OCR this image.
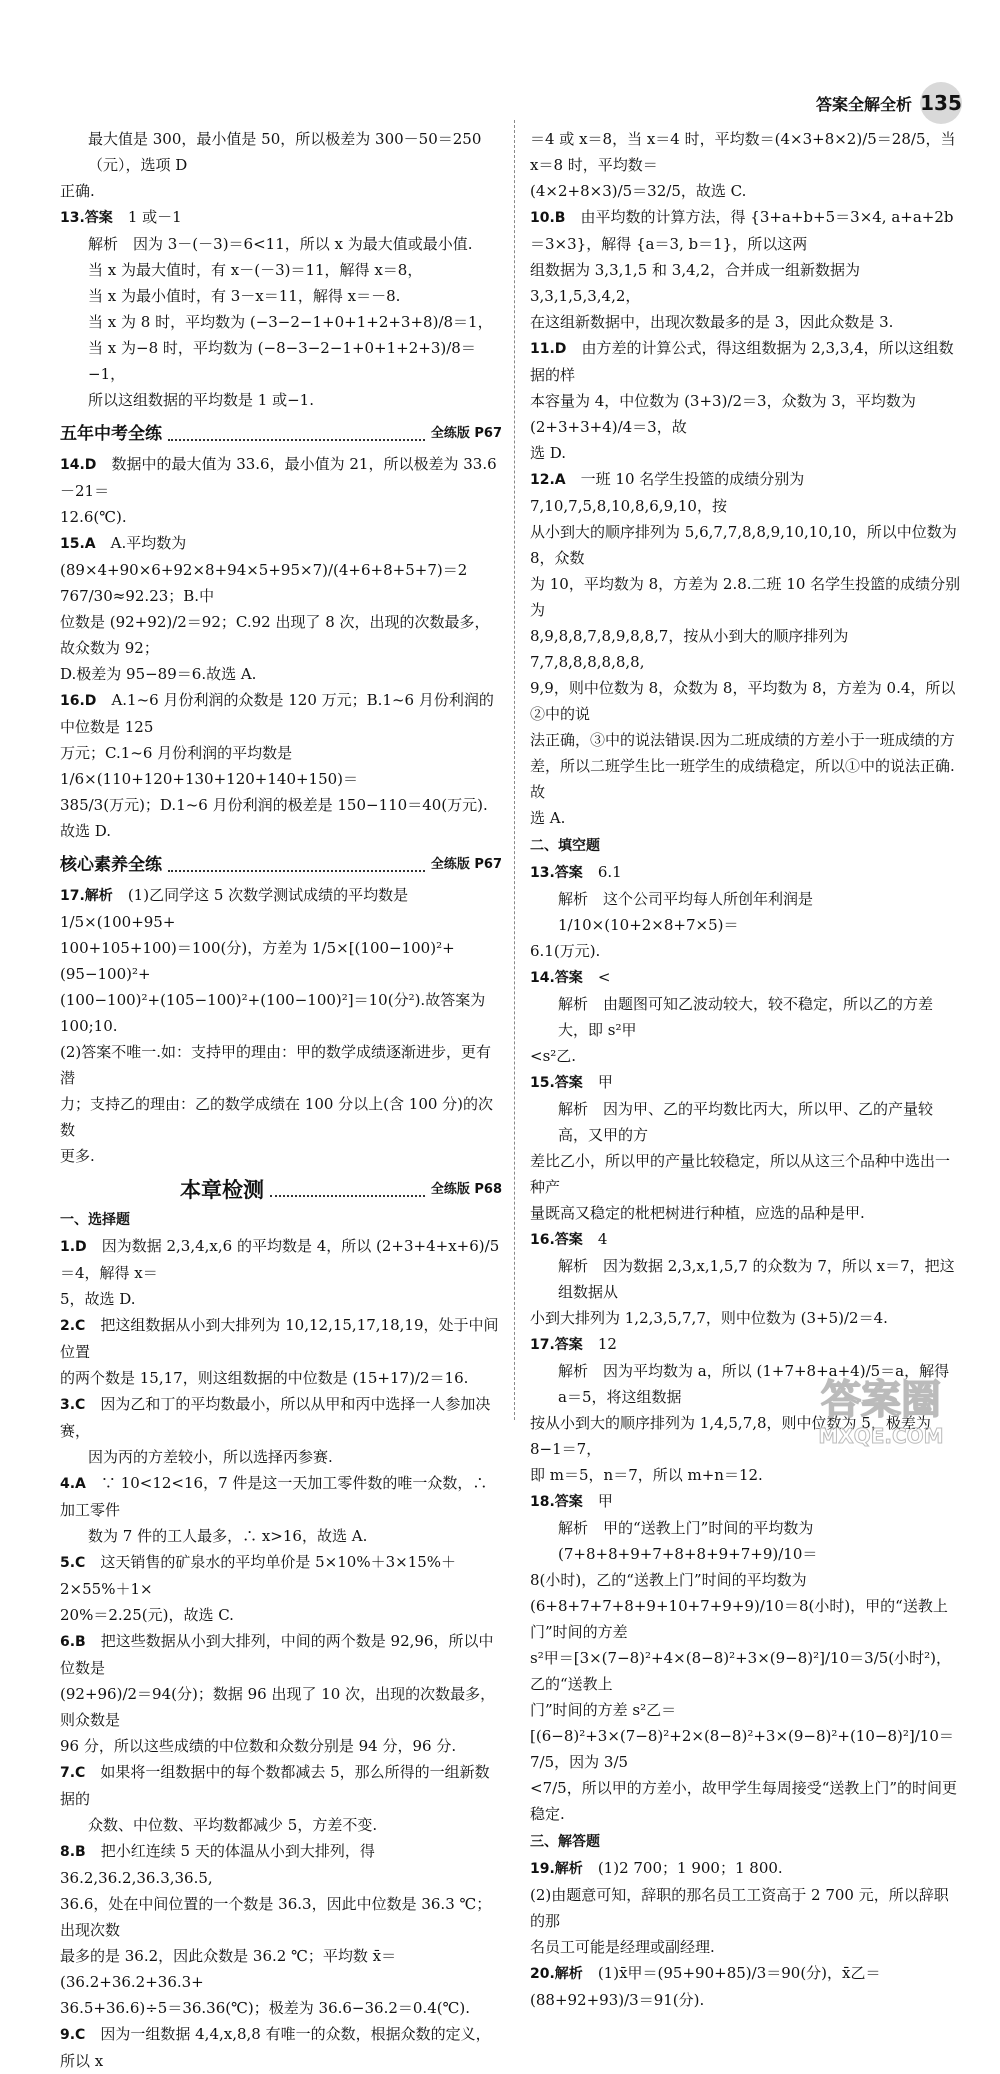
答案全解全析 135

最大值是 300，最小值是 50，所以极差为 300－50＝250（元），选项 D

正确.

13.答案　 1 或－1

解析　因为 3－(－3)＝6<11，所以 x 为最大值或最小值.

当 x 为最大值时，有 x－(－3)＝11，解得 x＝8，

当 x 为最小值时，有 3－x＝11，解得 x＝－8.

当 x 为 8 时，平均数为 (−3−2−1+0+1+2+3+8)/8＝1，

当 x 为−8 时，平均数为 (−8−3−2−1+0+1+2+3)/8＝−1，

所以这组数据的平均数是 1 或−1.

五年中考全练	全练版 P67

14.D　 数据中的最大值为 33.6，最小值为 21，所以极差为 33.6－21＝

12.6(℃).

15.A　 A.平均数为 (89×4+90×6+92×8+94×5+95×7)/(4+6+8+5+7)＝2 767/30≈92.23；B.中

位数是 (92+92)/2＝92；C.92 出现了 8 次，出现的次数最多，故众数为 92；

D.极差为 95−89＝6.故选 A.

16.D　 A.1~6 月份利润的众数是 120 万元；B.1~6 月份利润的中位数是 125

万元；C.1~6 月份利润的平均数是 1/6×(110+120+130+120+140+150)＝

385/3(万元)；D.1~6 月份利润的极差是 150−110＝40(万元).故选 D.

核心素养全练	全练版 P67

17.解析　 (1)乙同学这 5 次数学测试成绩的平均数是 1/5×(100+95+

100+105+100)＝100(分)，方差为 1/5×[(100−100)²+(95−100)²+

(100−100)²+(105−100)²+(100−100)²]＝10(分²).故答案为 100;10.

(2)答案不唯一.如：支持甲的理由：甲的数学成绩逐渐进步，更有潜

力；支持乙的理由：乙的数学成绩在 100 分以上(含 100 分)的次数

更多.

本章检测	全练版 P68

一、选择题

1.D　 因为数据 2,3,4,x,6 的平均数是 4，所以 (2+3+4+x+6)/5＝4，解得 x＝

5，故选 D.

2.C　 把这组数据从小到大排列为 10,12,15,17,18,19，处于中间位置

的两个数是 15,17，则这组数据的中位数是 (15+17)/2＝16.

3.C　 因为乙和丁的平均数最小，所以从甲和丙中选择一人参加决赛，

因为丙的方差较小，所以选择丙参赛.

4.A　 ∵ 10<12<16，7 件是这一天加工零件数的唯一众数，∴ 加工零件

数为 7 件的工人最多，∴ x>16，故选 A.

5.C　 这天销售的矿泉水的平均单价是 5×10%＋3×15%＋2×55%＋1×

20%＝2.25(元)，故选 C.

6.B　 把这些数据从小到大排列，中间的两个数是 92,96，所以中位数是

(92+96)/2＝94(分)；数据 96 出现了 10 次，出现的次数最多，则众数是

96 分，所以这些成绩的中位数和众数分别是 94 分，96 分.

7.C　 如果将一组数据中的每个数都减去 5，那么所得的一组新数据的

众数、中位数、平均数都减少 5，方差不变.

8.B　 把小红连续 5 天的体温从小到大排列，得 36.2,36.2,36.3,36.5,

36.6，处在中间位置的一个数是 36.3，因此中位数是 36.3 ℃；出现次数

最多的是 36.2，因此众数是 36.2 ℃；平均数 x̄＝(36.2+36.2+36.3+

36.5+36.6)÷5＝36.36(℃)；极差为 36.6−36.2＝0.4(℃).

9.C　 因为一组数据 4,4,x,8,8 有唯一的众数，根据众数的定义，所以 x

＝4 或 x＝8，当 x＝4 时，平均数＝(4×3+8×2)/5＝28/5，当 x＝8 时，平均数＝

(4×2+8×3)/5＝32/5，故选 C.

10.B　 由平均数的计算方法，得 {3+a+b+5＝3×4, a+a+2b＝3×3}，解得 {a＝3, b＝1}，所以这两

组数据为 3,3,1,5 和 3,4,2，合并成一组新数据为 3,3,1,5,3,4,2，

在这组新数据中，出现次数最多的是 3，因此众数是 3.

11.D　 由方差的计算公式，得这组数据为 2,3,3,4，所以这组数据的样

本容量为 4，中位数为 (3+3)/2＝3，众数为 3，平均数为 (2+3+3+4)/4＝3，故

选 D.

12.A　 一班 10 名学生投篮的成绩分别为 7,10,7,5,8,10,8,6,9,10，按

从小到大的顺序排列为 5,6,7,7,8,8,9,10,10,10，所以中位数为 8，众数

为 10，平均数为 8，方差为 2.8.二班 10 名学生投篮的成绩分别为

8,9,8,8,7,8,9,8,8,7，按从小到大的顺序排列为 7,7,8,8,8,8,8,8,

9,9，则中位数为 8，众数为 8，平均数为 8，方差为 0.4，所以②中的说

法正确，③中的说法错误.因为二班成绩的方差小于一班成绩的方

差，所以二班学生比一班学生的成绩稳定，所以①中的说法正确.故

选 A.

二、填空题

13.答案　 6.1

解析　这个公司平均每人所创年利润是 1/10×(10+2×8+7×5)＝

6.1(万元).

14.答案　 <

解析　由题图可知乙波动较大，较不稳定，所以乙的方差大，即 s²甲

<s²乙.

15.答案　 甲

解析　因为甲、乙的平均数比丙大，所以甲、乙的产量较高，又甲的方

差比乙小，所以甲的产量比较稳定，所以从这三个品种中选出一种产

量既高又稳定的枇杷树进行种植，应选的品种是甲.

16.答案　 4

解析　因为数据 2,3,x,1,5,7 的众数为 7，所以 x＝7，把这组数据从

小到大排列为 1,2,3,5,7,7，则中位数为 (3+5)/2＝4.

17.答案　 12

解析　因为平均数为 a，所以 (1+7+8+a+4)/5＝a，解得 a＝5，将这组数据

按从小到大的顺序排列为 1,4,5,7,8，则中位数为 5，极差为 8−1＝7，

即 m＝5，n＝7，所以 m+n＝12.

18.答案　 甲

解析　甲的“送教上门”时间的平均数为 (7+8+8+9+7+8+8+9+7+9)/10＝

8(小时)，乙的“送教上门”时间的平均数为

(6+8+7+7+8+9+10+7+9+9)/10＝8(小时)，甲的“送教上门”时间的方差

s²甲＝[3×(7−8)²+4×(8−8)²+3×(9−8)²]/10＝3/5(小时²)，乙的“送教上

门”时间的方差 s²乙＝

[(6−8)²+3×(7−8)²+2×(8−8)²+3×(9−8)²+(10−8)²]/10＝7/5，因为 3/5

<7/5，所以甲的方差小，故甲学生每周接受“送教上门”的时间更

稳定.

三、解答题

19.解析　 (1)2 700；1 900；1 800.

(2)由题意可知，辞职的那名员工工资高于 2 700 元，所以辞职的那

名员工可能是经理或副经理.

20.解析　 (1)x̄甲＝(95+90+85)/3＝90(分)，x̄乙＝(88+92+93)/3＝91(分).

答案圈
MXQE.COM
